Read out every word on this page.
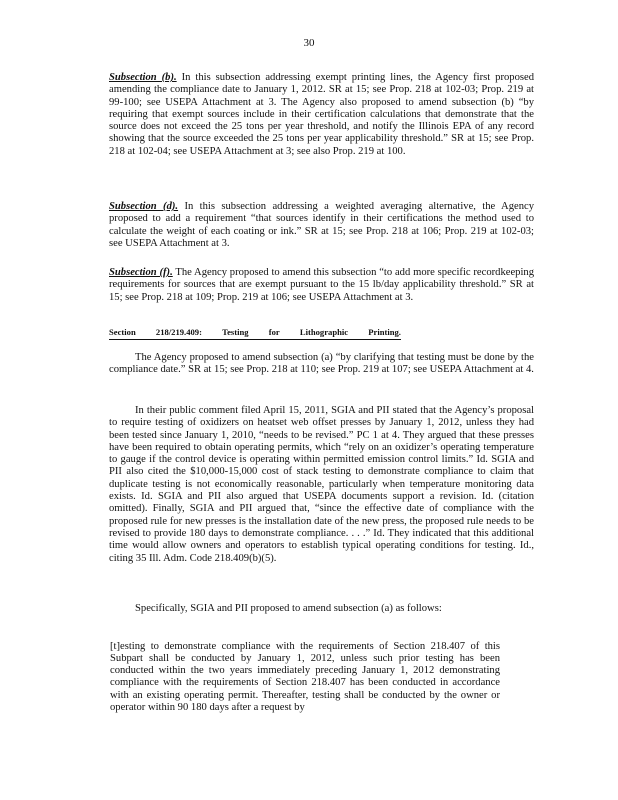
30

Subsection (b). In this subsection addressing exempt printing lines, the Agency first proposed amending the compliance date to January 1, 2012. SR at 15; see Prop. 218 at 102-03; Prop. 219 at 99-100; see USEPA Attachment at 3. The Agency also proposed to amend subsection (b) “by requiring that exempt sources include in their certification calculations that demonstrate that the source does not exceed the 25 tons per year threshold, and notify the Illinois EPA of any record showing that the source exceeded the 25 tons per year applicability threshold.” SR at 15; see Prop. 218 at 102-04; see USEPA Attachment at 3; see also Prop. 219 at 100.

Subsection (d). In this subsection addressing a weighted averaging alternative, the Agency proposed to add a requirement “that sources identify in their certifications the method used to calculate the weight of each coating or ink.” SR at 15; see Prop. 218 at 106; Prop. 219 at 102-03; see USEPA Attachment at 3.

Subsection (f). The Agency proposed to amend this subsection “to add more specific recordkeeping requirements for sources that are exempt pursuant to the 15 lb/day applicability threshold.” SR at 15; see Prop. 218 at 109; Prop. 219 at 106; see USEPA Attachment at 3.

Section 218/219.409: Testing for Lithographic Printing.

The Agency proposed to amend subsection (a) “by clarifying that testing must be done by the compliance date.” SR at 15; see Prop. 218 at 110; see Prop. 219 at 107; see USEPA Attachment at 4.

In their public comment filed April 15, 2011, SGIA and PII stated that the Agency’s proposal to require testing of oxidizers on heatset web offset presses by January 1, 2012, unless they had been tested since January 1, 2010, “needs to be revised.” PC 1 at 4. They argued that these presses have been required to obtain operating permits, which “rely on an oxidizer’s operating temperature to gauge if the control device is operating within permitted emission control limits.” Id. SGIA and PII also cited the $10,000-15,000 cost of stack testing to demonstrate compliance to claim that duplicate testing is not economically reasonable, particularly when temperature monitoring data exists. Id. SGIA and PII also argued that USEPA documents support a revision. Id. (citation omitted). Finally, SGIA and PII argued that, “since the effective date of compliance with the proposed rule for new presses is the installation date of the new press, the proposed rule needs to be revised to provide 180 days to demonstrate compliance. . . .” Id. They indicated that this additional time would allow owners and operators to establish typical operating conditions for testing. Id., citing 35 Ill. Adm. Code 218.409(b)(5).

Specifically, SGIA and PII proposed to amend subsection (a) as follows:

[t]esting to demonstrate compliance with the requirements of Section 218.407 of this Subpart shall be conducted by January 1, 2012, unless such prior testing has been conducted within the two years immediately preceding January 1, 2012 demonstrating compliance with the requirements of Section 218.407 has been conducted in accordance with an existing operating permit. Thereafter, testing shall be conducted by the owner or operator within 90 180 days after a request by
